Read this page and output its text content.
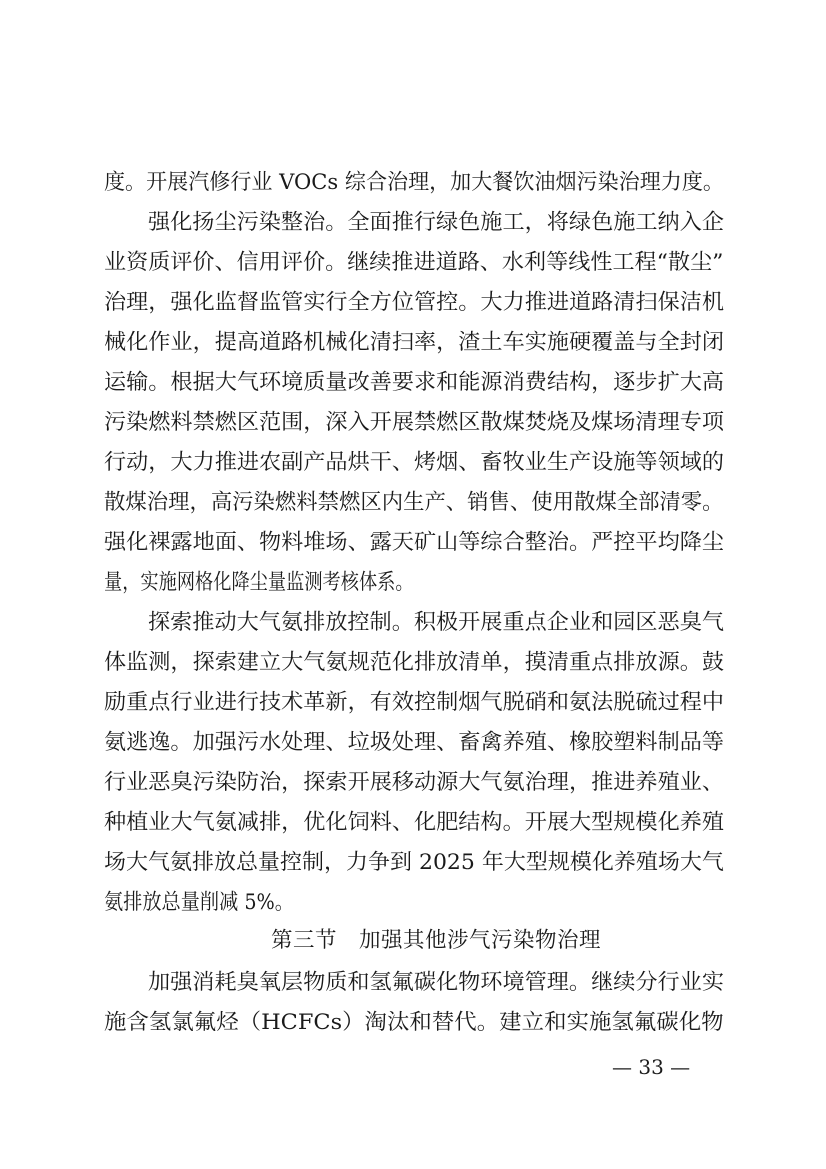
度。开展汽修行业 VOCs 综合治理，加大餐饮油烟污染治理力度。
强化扬尘污染整治。全面推行绿色施工，将绿色施工纳入企
业资质评价、信用评价。继续推进道路、水利等线性工程“散尘”
治理，强化监督监管实行全方位管控。大力推进道路清扫保洁机
械化作业，提高道路机械化清扫率，渣土车实施硬覆盖与全封闭
运输。根据大气环境质量改善要求和能源消费结构，逐步扩大高
污染燃料禁燃区范围，深入开展禁燃区散煤焚烧及煤场清理专项
行动，大力推进农副产品烘干、烤烟、畜牧业生产设施等领域的
散煤治理，高污染燃料禁燃区内生产、销售、使用散煤全部清零。
强化裸露地面、物料堆场、露天矿山等综合整治。严控平均降尘
量，实施网格化降尘量监测考核体系。
探索推动大气氨排放控制。积极开展重点企业和园区恶臭气
体监测，探索建立大气氨规范化排放清单，摸清重点排放源。鼓
励重点行业进行技术革新，有效控制烟气脱硝和氨法脱硫过程中
氨逃逸。加强污水处理、垃圾处理、畜禽养殖、橡胶塑料制品等
行业恶臭污染防治，探索开展移动源大气氨治理，推进养殖业、
种植业大气氨减排，优化饲料、化肥结构。开展大型规模化养殖
场大气氨排放总量控制，力争到 2025 年大型规模化养殖场大气
氨排放总量削减 5%。
第三节　加强其他涉气污染物治理
加强消耗臭氧层物质和氢氟碳化物环境管理。继续分行业实
施含氢氯氟烃（HCFCs）淘汰和替代。建立和实施氢氟碳化物
— 33 —
